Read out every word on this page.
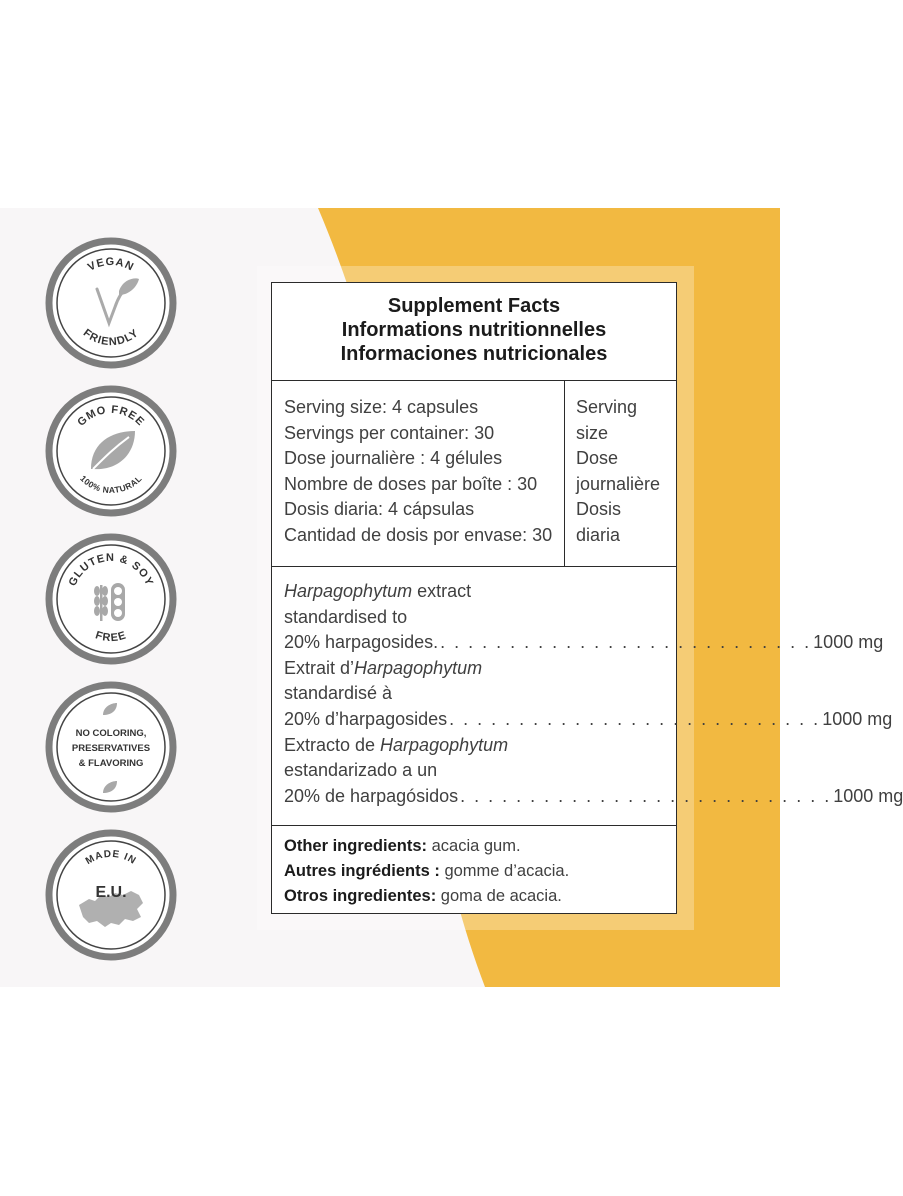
VEGAN
FRIENDLY
GMO FREE
100% NATURAL
GLUTEN & SOY
FREE
NO COLORING,
PRESERVATIVES
& FLAVORING
MADE IN
E.U.
Supplement Facts
Informations nutritionnelles
Informaciones nutricionales
Serving size: 4 capsules
Servings per container: 30
Dose journalière : 4 gélules
Nombre de doses par boîte : 30
Dosis diaria: 4 cápsulas
Cantidad de dosis por envase: 30
Serving
size
Dose
journalière
Dosis
diaria
Harpagophytum extract
standardised to
20% harpagosides. . . . . . . . . . . . . . . . . . . . . . . . . . . . 1000 mg
Extrait d’Harpagophytum
standardisé à
20% d’harpagosides . . . . . . . . . . . . . . . . . . . . . . . . . . . 1000 mg
Extracto de Harpagophytum
estandarizado a un
20% de harpagósidos . . . . . . . . . . . . . . . . . . . . . . . . . . . 1000 mg
Other ingredients: acacia gum.
Autres ingrédients : gomme d’acacia.
Otros ingredientes: goma de acacia.
